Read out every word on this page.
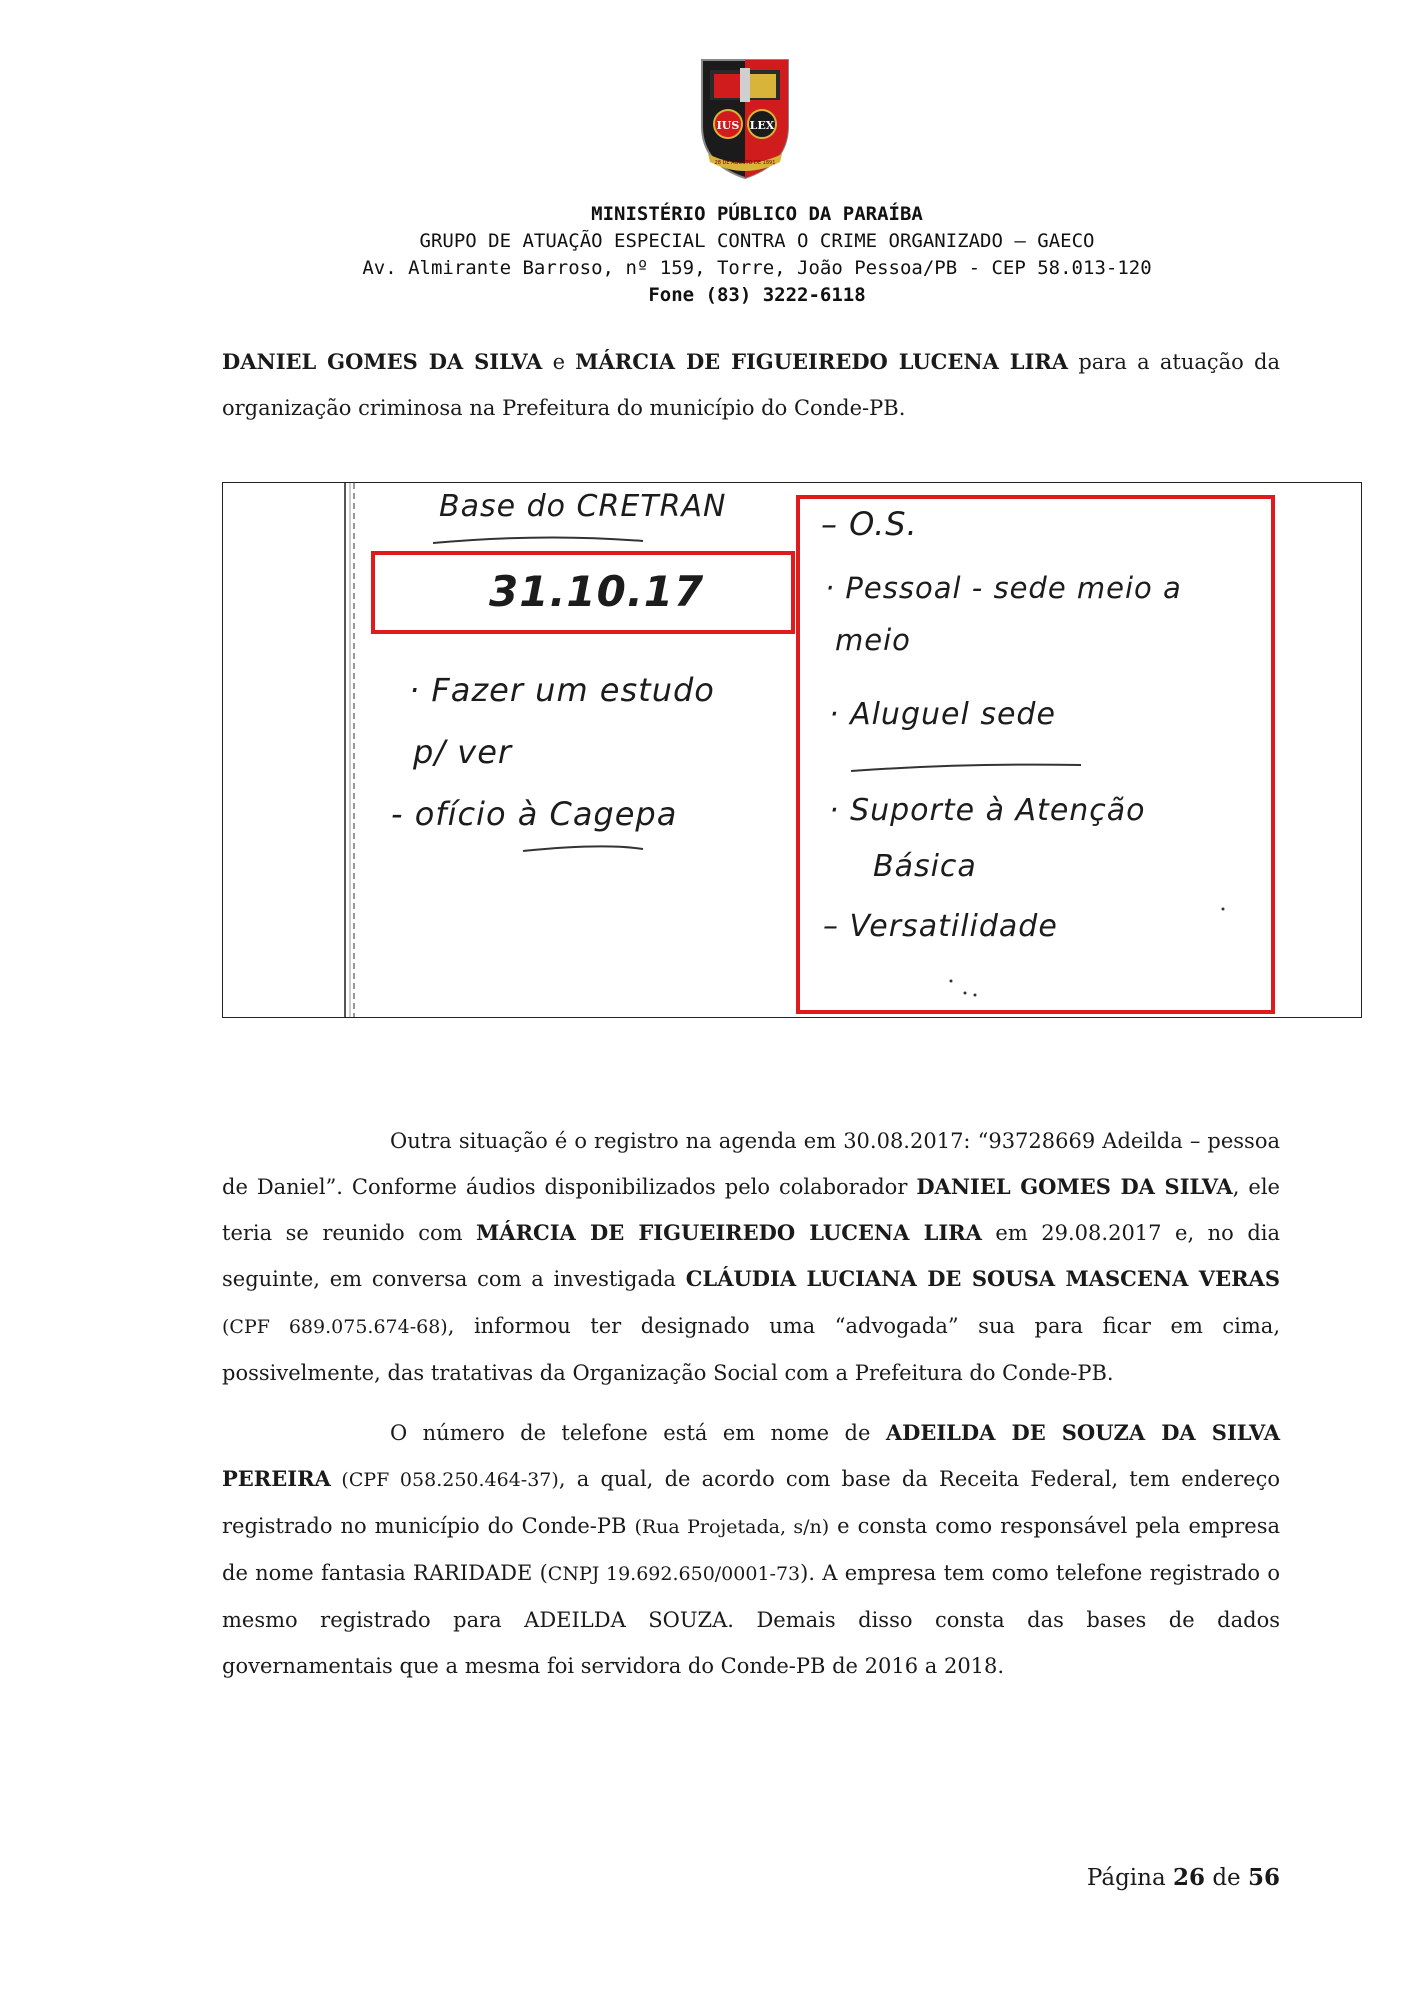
IUS LEX
28 DE AGOSTO DE 1891
MINISTÉRIO PÚBLICO DA PARAÍBA
GRUPO DE ATUAÇÃO ESPECIAL CONTRA O CRIME ORGANIZADO – GAECO
Av. Almirante Barroso, nº 159, Torre, João Pessoa/PB - CEP 58.013-120
Fone (83) 3222-6118
DANIEL GOMES DA SILVA e MÁRCIA DE FIGUEIREDO LUCENA LIRA para a atuação da organização criminosa na Prefeitura do município do Conde-PB.
Base do CRETRAN
31.10.17
· Fazer um estudo
p/ ver
- ofício à Cagepa
– O.S.
· Pessoal - sede meio a
meio
· Aluguel sede
· Suporte à Atenção
Básica
– Versatilidade
Outra situação é o registro na agenda em 30.08.2017: “93728669 Adeilda – pessoa de Daniel”. Conforme áudios disponibilizados pelo colaborador DANIEL GOMES DA SILVA, ele teria se reunido com MÁRCIA DE FIGUEIREDO LUCENA LIRA em 29.08.2017 e, no dia seguinte, em conversa com a investigada CLÁUDIA LUCIANA DE SOUSA MASCENA VERAS (CPF 689.075.674-68), informou ter designado uma “advogada” sua para ficar em cima, possivelmente, das tratativas da Organização Social com a Prefeitura do Conde-PB.
O número de telefone está em nome de ADEILDA DE SOUZA DA SILVA PEREIRA (CPF 058.250.464-37), a qual, de acordo com base da Receita Federal, tem endereço registrado no município do Conde-PB (Rua Projetada, s/n) e consta como responsável pela empresa de nome fantasia RARIDADE (CNPJ 19.692.650/0001-73). A empresa tem como telefone registrado o mesmo registrado para ADEILDA SOUZA. Demais disso consta das bases de dados governamentais que a mesma foi servidora do Conde-PB de 2016 a 2018.
Página 26 de 56
